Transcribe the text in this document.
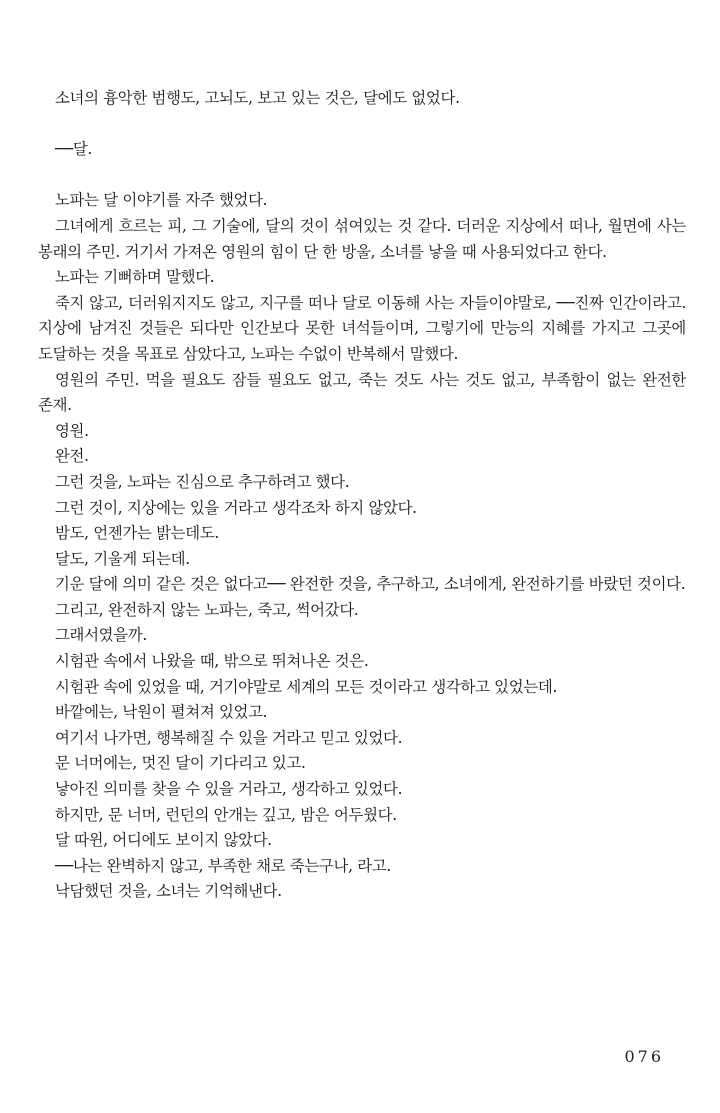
소녀의 흉악한 범행도, 고뇌도, 보고 있는 것은, 달에도 없었다.

──달.

노파는 달 이야기를 자주 했었다.

그녀에게 흐르는 피, 그 기술에, 달의 것이 섞여있는 것 같다. 더러운 지상에서 떠나, 월면에 사는 봉래의 주민. 거기서 가져온 영원의 힘이 단 한 방울, 소녀를 낳을 때 사용되었다고 한다.

노파는 기뻐하며 말했다.

죽지 않고, 더러워지지도 않고, 지구를 떠나 달로 이동해 사는 자들이야말로, ──진짜 인간이라고. 지상에 남겨진 것들은 되다만 인간보다 못한 녀석들이며, 그렇기에 만능의 지혜를 가지고 그곳에 도달하는 것을 목표로 삼았다고, 노파는 수없이 반복해서 말했다.

영원의 주민. 먹을 필요도 잠들 필요도 없고, 죽는 것도 사는 것도 없고, 부족함이 없는 완전한 존재.

영원.

완전.

그런 것을, 노파는 진심으로 추구하려고 했다.

그런 것이, 지상에는 있을 거라고 생각조차 하지 않았다.

밤도, 언젠가는 밝는데도.

달도, 기울게 되는데.

기운 달에 의미 같은 것은 없다고── 완전한 것을, 추구하고, 소녀에게, 완전하기를 바랐던 것이다.

그리고, 완전하지 않는 노파는, 죽고, 썩어갔다.

그래서였을까.

시험관 속에서 나왔을 때, 밖으로 뛰쳐나온 것은.

시험관 속에 있었을 때, 거기야말로 세계의 모든 것이라고 생각하고 있었는데.

바깥에는, 낙원이 펼쳐져 있었고.

여기서 나가면, 행복해질 수 있을 거라고 믿고 있었다.

문 너머에는, 멋진 달이 기다리고 있고.

낳아진 의미를 찾을 수 있을 거라고, 생각하고 있었다.

하지만, 문 너머, 런던의 안개는 깊고, 밤은 어두웠다.

달 따윈, 어디에도 보이지 않았다.

──나는 완벽하지 않고, 부족한 채로 죽는구나, 라고.

낙담했던 것을, 소녀는 기억해낸다.

076
